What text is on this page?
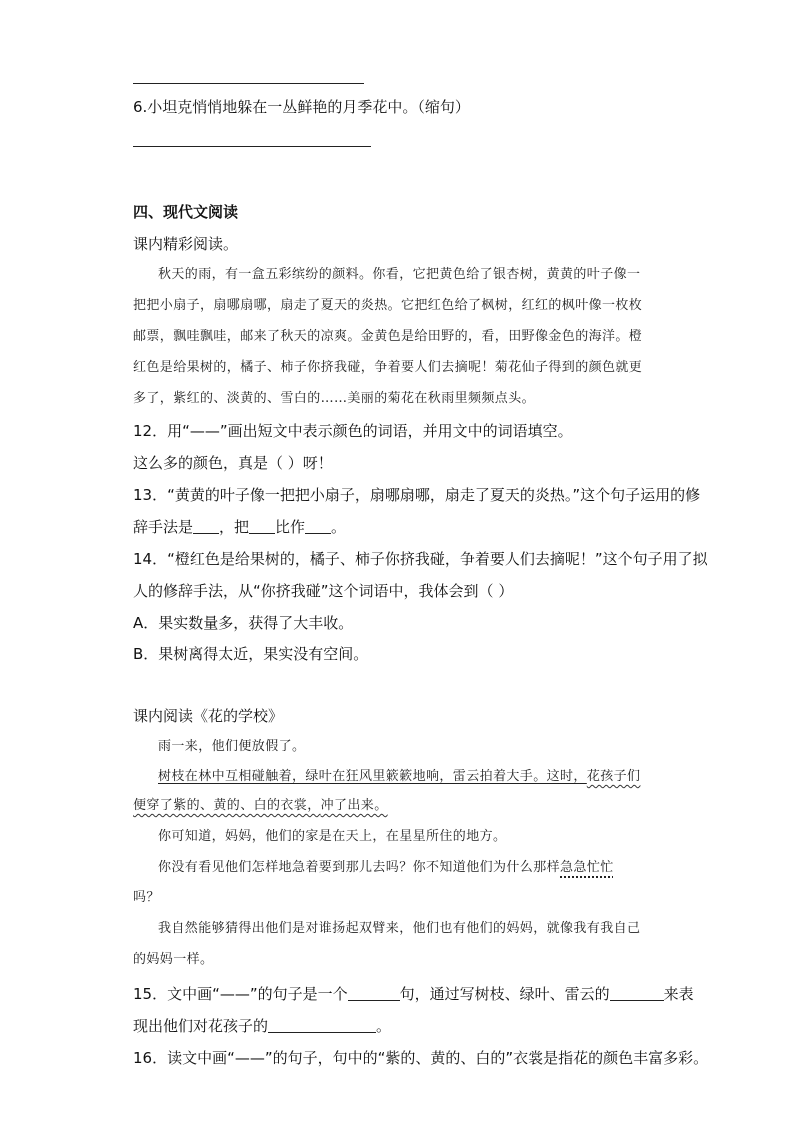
6.小坦克悄悄地躲在一丛鲜艳的月季花中。（缩句）
四、现代文阅读
课内精彩阅读。
秋天的雨，有一盒五彩缤纷的颜料。你看，它把黄色给了银杏树，黄黄的叶子像一
把把小扇子，扇哪扇哪，扇走了夏天的炎热。它把红色给了枫树，红红的枫叶像一枚枚
邮票，飘哇飘哇，邮来了秋天的凉爽。金黄色是给田野的，看，田野像金色的海洋。橙
红色是给果树的，橘子、柿子你挤我碰，争着要人们去摘呢！菊花仙子得到的颜色就更
多了，紫红的、淡黄的、雪白的……美丽的菊花在秋雨里频频点头。
12．用“——”画出短文中表示颜色的词语，并用文中的词语填空。
这么多的颜色，真是（ ）呀！
13．“黄黄的叶子像一把把小扇子，扇哪扇哪，扇走了夏天的炎热。”这个句子运用的修
辞手法是 ，把 比作 。
14．“橙红色是给果树的，橘子、柿子你挤我碰，争着要人们去摘呢！”这个句子用了拟
人的修辞手法，从“你挤我碰”这个词语中，我体会到（ ）
A．果实数量多，获得了大丰收。
B．果树离得太近，果实没有空间。
课内阅读《花的学校》
雨一来，他们便放假了。
树枝在林中互相碰触着，绿叶在狂风里簌簌地响，雷云拍着大手。这时，花孩子们
便穿了紫的、黄的、白的衣裳，冲了出来。
你可知道，妈妈，他们的家是在天上，在星星所住的地方。
你没有看见他们怎样地急着要到那儿去吗？你不知道他们为什么那样急急忙忙
吗？
我自然能够猜得出他们是对谁扬起双臂来，他们也有他们的妈妈，就像我有我自己
的妈妈一样。
15．文中画“——”的句子是一个	句，通过写树枝、绿叶、雷云的	来表
现出他们对花孩子的	。
16．读文中画“——”的句子，句中的“紫的、黄的、白的”衣裳是指花的颜色丰富多彩。
